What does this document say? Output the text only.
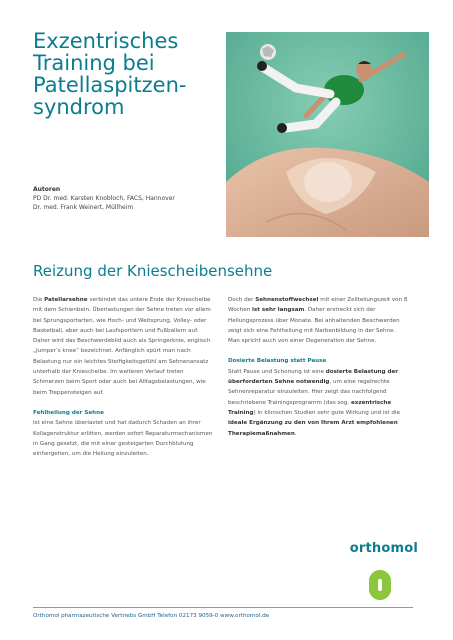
Exzentrisches
Training bei
Patellaspitzen-
syndrom
Autoren
PD Dr. med. Karsten Knobloch, FACS, Hannover
Dr. med. Frank Weinert, Müllheim
Reizung der Kniescheibensehne

Die Patellarsehne verbindet das untere Ende der Kniescheibe mit dem Schienbein. Überlastungen der Sehne treten vor allem bei Sprungsportarten, wie Hoch- und Weitsprung, Volley- oder Basketball, aber auch bei Laufsportlern und Fußballern auf. Daher wird das Beschwerdebild auch als Springerknie, englisch „Jumper’s knee“ bezeichnet. Anfänglich spürt man nach Belastung nur ein leichtes Steifigkeitsgefühl am Sehnenansatz unterhalb der Kniescheibe. Im weiteren Verlauf treten Schmerzen beim Sport oder auch bei Alltagsbelastungen, wie beim Treppensteigen auf.

Fehlheilung der Sehne
Ist eine Sehne überlastet und hat dadurch Schaden an ihrer Kollagenstruktur erlitten, werden sofort Reparaturmechanismen in Gang gesetzt, die mit einer gesteigerten Durchblutung einhergehen, um die Heilung einzuleiten.

Doch der Sehnenstoffwechsel mit einer Zellteilungszeit von 8 Wochen ist sehr langsam. Daher erstreckt sich der Heilungsprozess über Monate. Bei anhaltenden Beschwerden zeigt sich eine Fehlheilung mit Narbenbildung in der Sehne. Man spricht auch von einer Degeneration der Sehne.

Dosierte Belastung statt Pause
Statt Pause und Schonung ist eine dosierte Belastung der überforderten Sehne notwendig, um eine regelrechte Sehnenreparatur einzuleiten. Hier zeigt das nachfolgend beschriebene Trainingsprogramm (das sog. exzentrische Training) in klinischen Studien sehr gute Wirkung und ist die ideale Ergänzung zu den von Ihrem Arzt empfohlenen Therapiemaßnahmen.

orthomol
Orthomol pharmazeutische Vertriebs GmbH Telefon 02173 9059-0 www.orthomol.de
